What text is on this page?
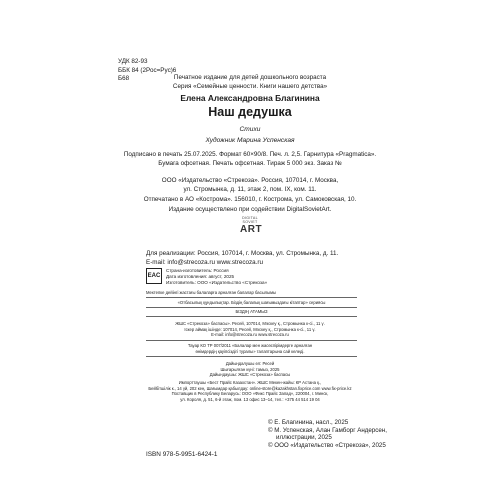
УДК 82-93
ББК 84 (2Рос=Рус)6
Б68	Печатное издание для детей дошкольного возраста
Серия «Семейные ценности. Книги нашего детства»
Елена Александровна Благинина
Наш дедушка
Стихи
Художник Марина Успенская
Подписано в печать 25.07.2025. Формат 60×90/8. Печ. л. 2,5. Гарнитура «Pragmatica».
Бумага офсетная. Печать офсетная. Тираж 5 000 экз. Заказ №
ООО «Издательство «Стрекоза». Россия, 107014, г. Москва,
ул. Стромынка, д. 11, этаж 2, пом. IX, ком. 11.
Отпечатано в АО «Кострома». 156010, г. Кострома, ул. Самоковская, 10.
Издание осуществлено при содействии DigitalSovietArt.
DIGITAL
SOVIET
ART
Для реализации: Россия, 107014, г. Москва, ул. Стромынка, д. 11.
E-mail: info@strecoza.ru www.strecoza.ru
EAC
Страна-изготовитель: Россия
Дата изготовления: август, 2025
Изготовитель: ООО «Издательство «Стрекоза»
Мектепке дейінгі жастағы балаларға арналған балалар басылымы
«Отбасылық құндылықтар. Біздің балалық шағымыздағы кітаптар» сериясы
БІЗДІҢ АТАМЫЗ
ЖШС «Стрекоза» баспасы». Ресей, 107014, Мәскеу қ., Стромынка к-сі., 11 ү.
Іскер аймақ ішінде: 107014, Ресей, Мәскеу қ., Стромынка к-сі., 11 ү.
E-mail: info@strecoza.ru www.strecoza.ru
Тауар КО ТР 007/2011 «Балалар мен жасөспірімдерге арналған
өнімдердің қауіпсіздігі туралы» талаптарына сай келеді.
Дайындалушы ел: Ресей
Шығарылған күні: тамыз, 2025
Дайындаушы: ЖШС «Стрекоза» баспасы
Импорттаушы «Бест Прайс Казахстан». ЖШС Мекен-жайы: КР Астана қ.,
Бейбітшілік к., 14 үй, 202 кең. Шағымдар қабылдау: online-store@kazakhstan.fixprice.com www.fix-price.kz
Поставщик в Республику Беларусь: ООО «Фикс Прайс Запад», 220004, г. Минск,
ул. Короля, д. 51, 6-й этаж, пом. 13 офис 13–14, тел.: +375 44 514 19 04
© Е. Благинина, насл., 2025
© М. Успенская, Алан Гамборг Андерсен,
иллюстрации, 2025
© ООО «Издательство «Стрекоза», 2025
ISBN 978-5-9951-6424-1
